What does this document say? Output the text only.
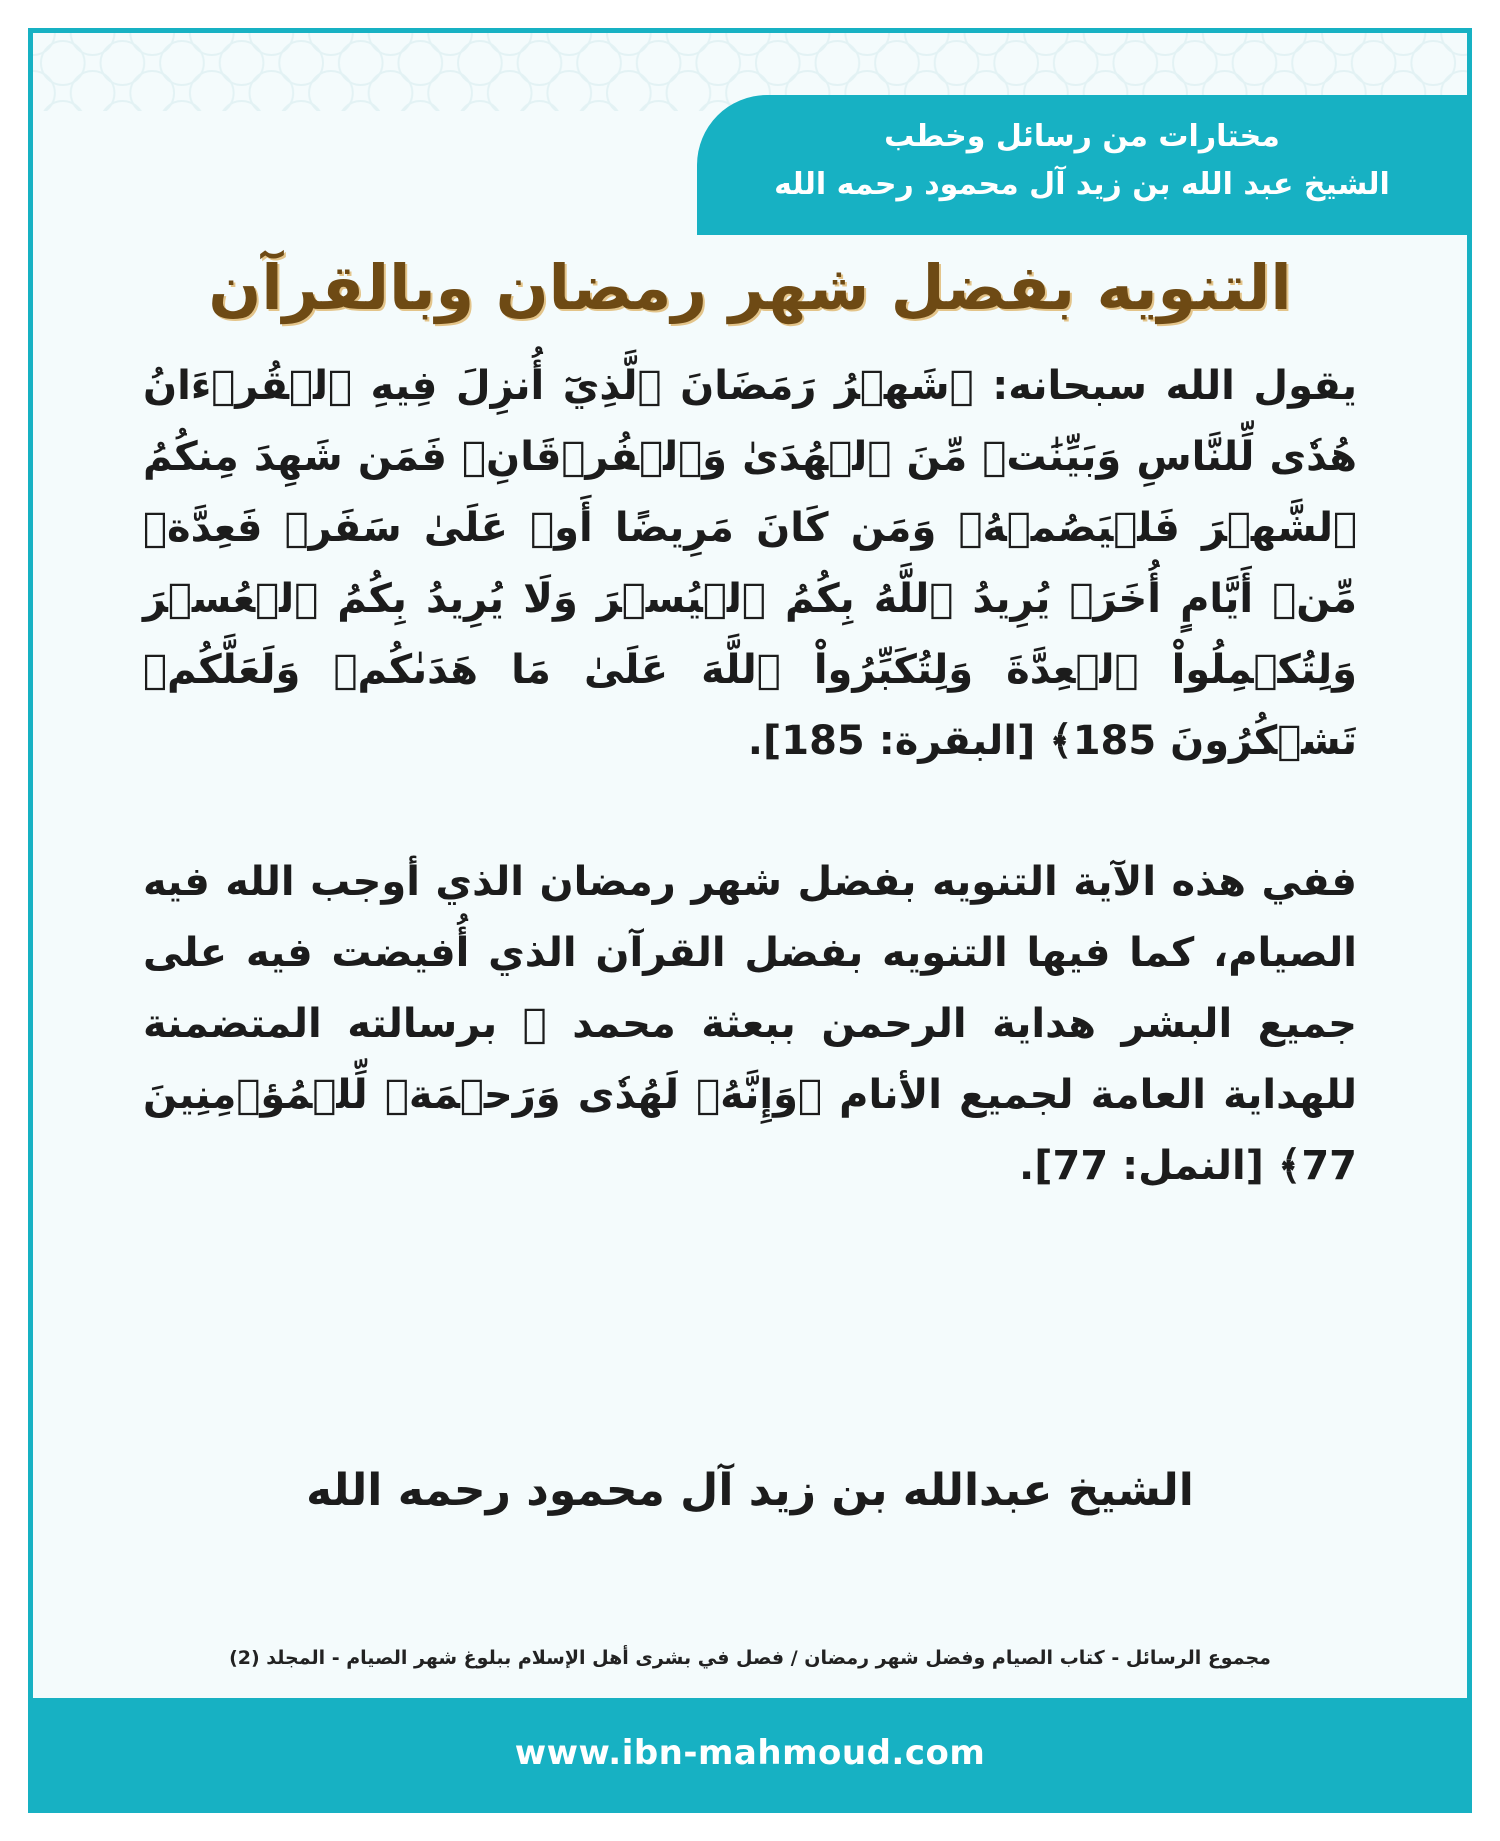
مختارات من رسائل وخطب
الشيخ عبد الله بن زيد آل محمود رحمه الله
التنويه بفضل شهر رمضان وبالقرآن

يقول الله سبحانه: ﴿شَهۡرُ رَمَضَانَ ٱلَّذِيٓ أُنزِلَ فِيهِ ٱلۡقُرۡءَانُ هُدٗى لِّلنَّاسِ وَبَيِّنَٰتٖ مِّنَ ٱلۡهُدَىٰ وَٱلۡفُرۡقَانِۚ فَمَن شَهِدَ مِنكُمُ ٱلشَّهۡرَ فَلۡيَصُمۡهُۖ وَمَن كَانَ مَرِيضًا أَوۡ عَلَىٰ سَفَرٖ فَعِدَّةٞ مِّنۡ أَيَّامٍ أُخَرَۗ يُرِيدُ ٱللَّهُ بِكُمُ ٱلۡيُسۡرَ وَلَا يُرِيدُ بِكُمُ ٱلۡعُسۡرَ وَلِتُكۡمِلُواْ ٱلۡعِدَّةَ وَلِتُكَبِّرُواْ ٱللَّهَ عَلَىٰ مَا هَدَىٰكُمۡ وَلَعَلَّكُمۡ تَشۡكُرُونَ 185﴾ [البقرة: 185].

ففي هذه الآية التنويه بفضل شهر رمضان الذي أوجب الله فيه الصيام، كما فيها التنويه بفضل القرآن الذي أُفيضت فيه على جميع البشر هداية الرحمن ببعثة محمد ﷺ برسالته المتضمنة للهداية العامة لجميع الأنام ﴿وَإِنَّهُۥ لَهُدٗى وَرَحۡمَةٞ لِّلۡمُؤۡمِنِينَ 77﴾ [النمل: 77].

الشيخ عبدالله بن زيد آل محمود رحمه الله
مجموع الرسائل - كتاب الصيام وفضل شهر رمضان / فصل في بشرى أهل الإسلام ببلوغ شهر الصيام - المجلد (2)
www.ibn-mahmoud.com
